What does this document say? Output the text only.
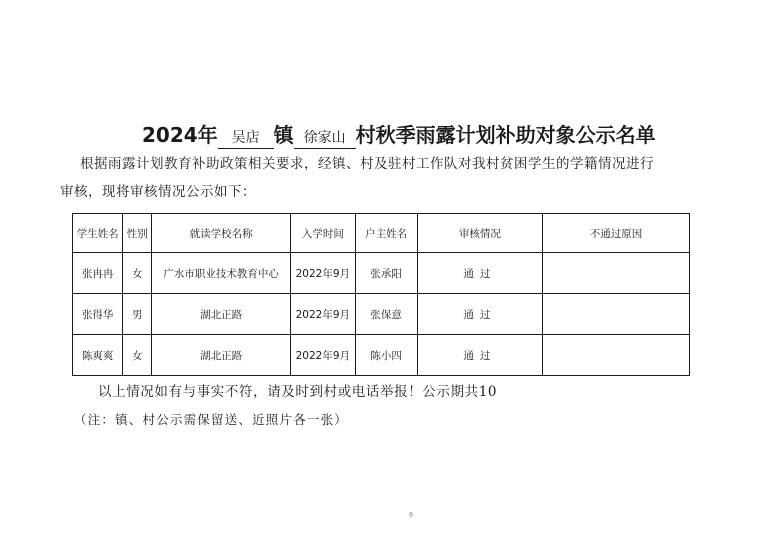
2024年 吴店 镇 徐家山 村秋季雨露计划补助对象公示名单
根据雨露计划教育补助政策相关要求，经镇、村及驻村工作队对我村贫困学生的学籍情况进行
审核，现将审核情况公示如下：
学生姓名	性别	就读学校名称	入学时间	户主姓名	审核情况	不通过原因
张冉冉	女	广水市职业技术教育中心	2022年9月	张承阳	通过	
张得华	男	湖北正路	2022年9月	张保意	通过	
陈爽爽	女	湖北正路	2022年9月	陈小四	通过	
以上情况如有与事实不符，请及时到村或电话举报！公示期共10
（注：镇、村公示需保留送、近照片各一张）
9
